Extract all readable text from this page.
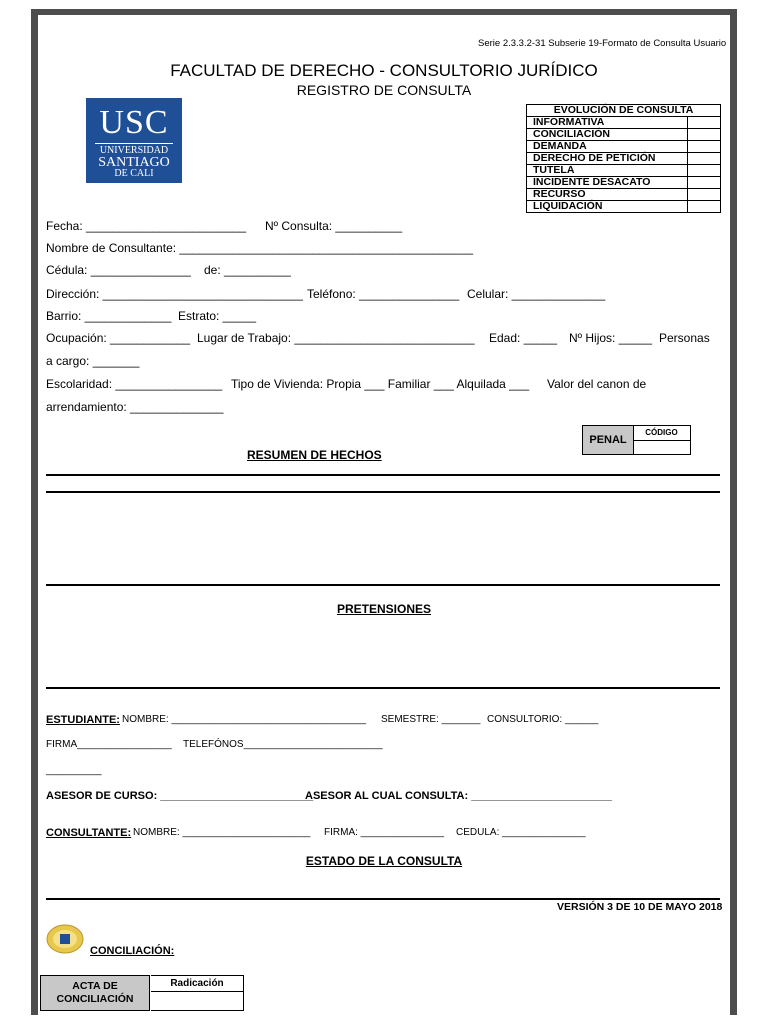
Serie 2.3.3.2-31 Subserie 19-Formato de Consulta Usuario
FACULTAD DE DERECHO - CONSULTORIO JURÍDICO
REGISTRO DE CONSULTA
USC
UNIVERSIDAD
SANTIAGO
DE CALI
EVOLUCIÓN DE CONSULTA	
INFORMATIVA	
CONCILIACIÓN	
DEMANDA	
DERECHO DE PETICIÓN	
TUTELA	
INCIDENTE DESACATO	
RECURSO	
LIQUIDACIÓN	
Fecha: ________________________ Nº Consulta: __________
Nombre de Consultante: ____________________________________________
Cédula: _______________ de: __________
Dirección: ______________________________ Teléfono: _______________ Celular: ______________
Barrio: _____________ Estrato: _____
Ocupación: ____________ Lugar de Trabajo: ___________________________ Edad: _____ Nº Hijos: _____ Personas
a cargo: _______
Escolaridad: ________________ Tipo de Vivienda: Propia ___ Familiar ___ Alquilada ___ Valor del canon de
arrendamiento: ______________
PENAL
CÓDIGO
RESUMEN DE HECHOS
PRETENSIONES
ESTUDIANTE: NOMBRE: ___________________________________ SEMESTRE: _______ CONSULTORIO: ______
FIRMA_________________ TELEFÓNOS_________________________
__________
ASESOR DE CURSO: _________________________
ASESOR AL CUAL CONSULTA: _______________________
CONSULTANTE: NOMBRE: _______________________ FIRMA: _______________ CEDULA: _______________
ESTADO DE LA CONSULTA
VERSIÓN 3 DE 10 DE MAYO 2018
CONCILIACIÓN:
ACTA DE CONCILIACIÓN
Radicación
